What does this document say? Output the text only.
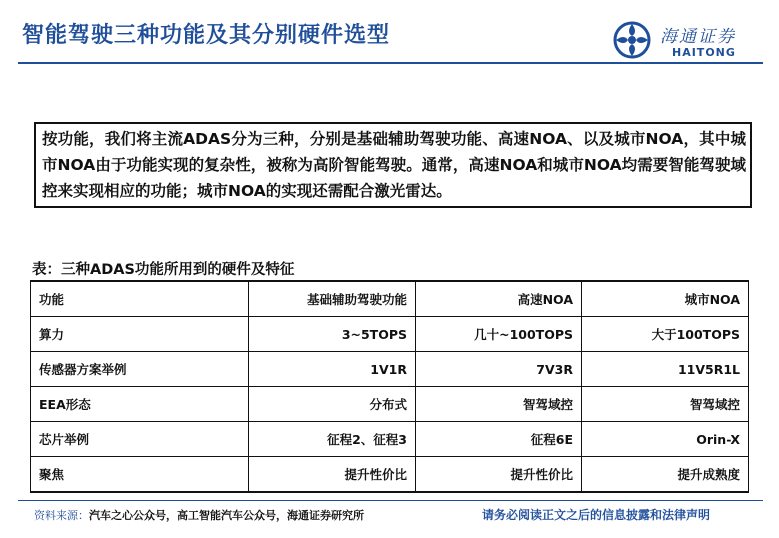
智能驾驶三种功能及其分别硬件选型	海通证券
HAITONG
按功能，我们将主流ADAS分为三种，分别是基础辅助驾驶功能、高速NOA、以及城市NOA，其中城市NOA由于功能实现的复杂性，被称为高阶智能驾驶。通常，高速NOA和城市NOA均需要智能驾驶域控来实现相应的功能；城市NOA的实现还需配合激光雷达。
表：三种ADAS功能所用到的硬件及特征
功能	基础辅助驾驶功能	高速NOA	城市NOA
算力	3~5TOPS	几十~100TOPS	大于100TOPS
传感器方案举例	1V1R	7V3R	11V5R1L
EEA形态	分布式	智驾域控	智驾域控
芯片举例	征程2、征程3	征程6E	Orin-X
聚焦	提升性价比	提升性价比	提升成熟度
资料来源：汽车之心公众号，高工智能汽车公众号，海通证券研究所	请务必阅读正文之后的信息披露和法律声明
